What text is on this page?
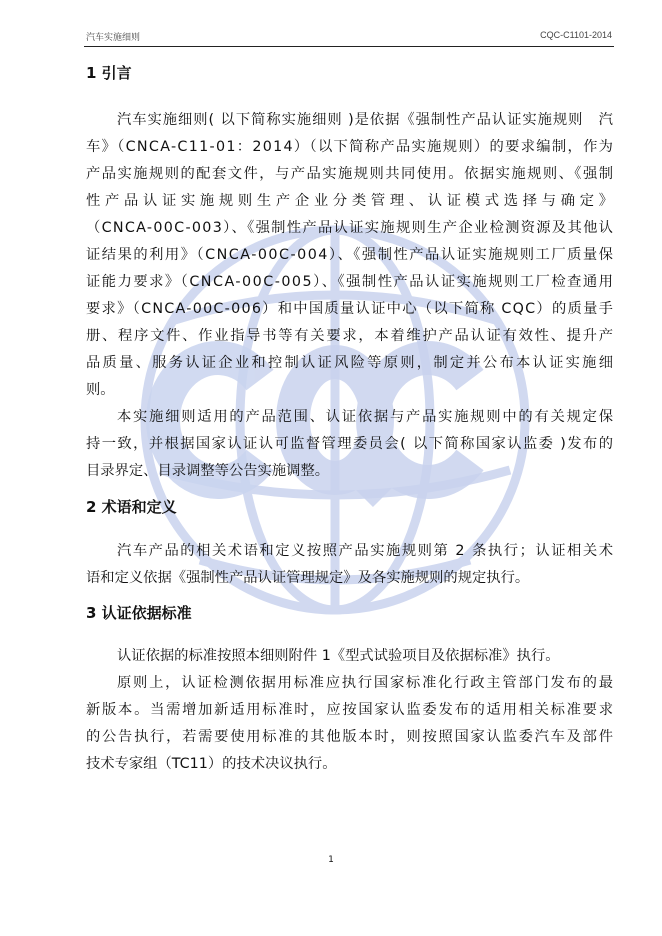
汽车实施细则	CQC-C1101-2014
1 引言
汽车实施细则( 以下简称实施细则 )是依据《强制性产品认证实施规则　汽
车》（CNCA-C11-01：2014）（以下简称产品实施规则）的要求编制，作为
产品实施规则的配套文件，与产品实施规则共同使用。依据实施规则、《强制
性产品认证实施规则生产企业分类管理、认证模式选择与确定》
（CNCA-00C-003）、《强制性产品认证实施规则生产企业检测资源及其他认
证结果的利用》（CNCA-00C-004）、《强制性产品认证实施规则工厂质量保
证能力要求》（CNCA-00C-005）、《强制性产品认证实施规则工厂检查通用
要求》（CNCA-00C-006）和中国质量认证中心（以下简称 CQC）的质量手
册、程序文件、作业指导书等有关要求，本着维护产品认证有效性、提升产
品质量、服务认证企业和控制认证风险等原则，制定并公布本认证实施细
则。
本实施细则适用的产品范围、认证依据与产品实施规则中的有关规定保
持一致，并根据国家认证认可监督管理委员会( 以下简称国家认监委 )发布的
目录界定、目录调整等公告实施调整。
2 术语和定义
汽车产品的相关术语和定义按照产品实施规则第 2 条执行；认证相关术
语和定义依据《强制性产品认证管理规定》及各实施规则的规定执行。
3 认证依据标准
认证依据的标准按照本细则附件 1《型式试验项目及依据标准》执行。
原则上，认证检测依据用标准应执行国家标准化行政主管部门发布的最
新版本。当需增加新适用标准时，应按国家认监委发布的适用相关标准要求
的公告执行，若需要使用标准的其他版本时，则按照国家认监委汽车及部件
技术专家组（TC11）的技术决议执行。
1
